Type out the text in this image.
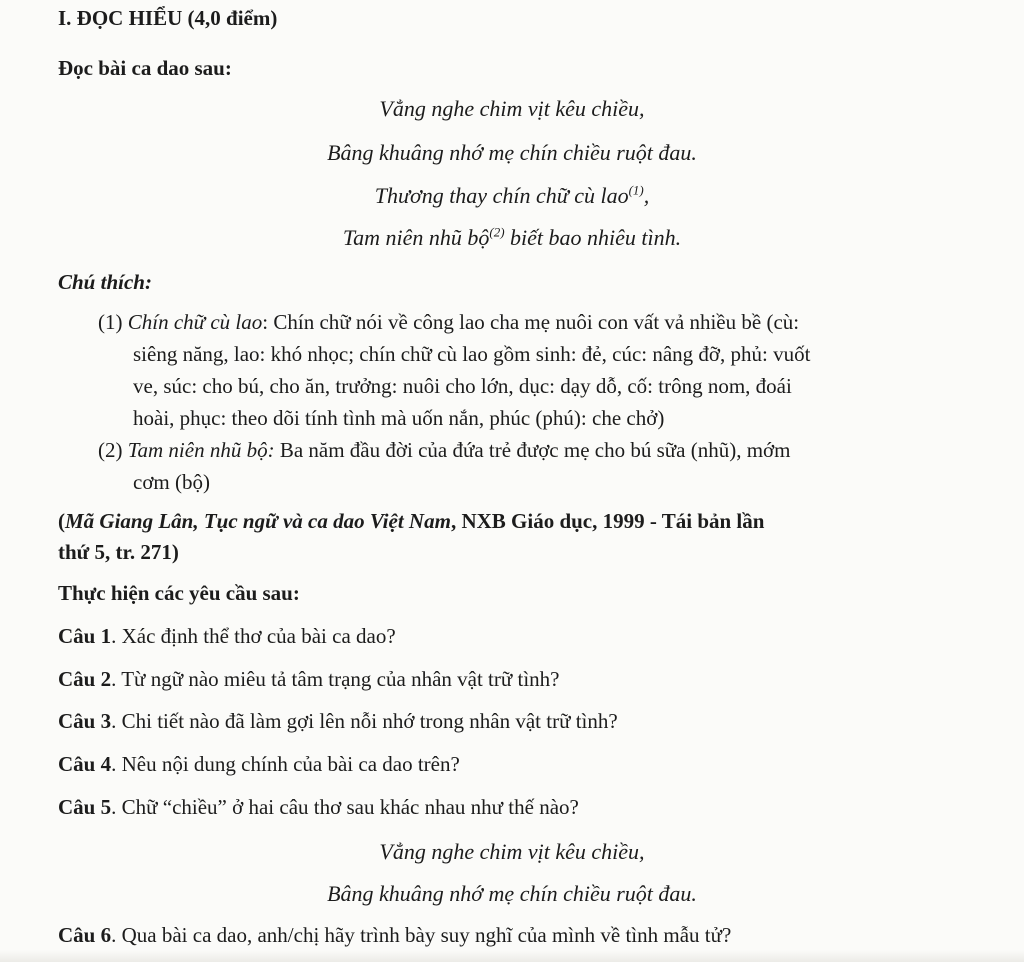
I. ĐỌC HIỂU (4,0 điểm)
Đọc bài ca dao sau:
Vẳng nghe chim vịt kêu chiều,
Bâng khuâng nhớ mẹ chín chiều ruột đau.
Thương thay chín chữ cù lao$^{(1)}$,
Tam niên nhũ bộ$^{(2)}$ biết bao nhiêu tình.
Chú thích:
(1) Chín chữ cù lao: Chín chữ nói về công lao cha mẹ nuôi con vất vả nhiều bề (cù:
siêng năng, lao: khó nhọc; chín chữ cù lao gồm sinh: đẻ, cúc: nâng đỡ, phủ: vuốt
ve, súc: cho bú, cho ăn, trưởng: nuôi cho lớn, dục: dạy dỗ, cố: trông nom, đoái
hoài, phục: theo dõi tính tình mà uốn nắn, phúc (phú): che chở)
(2) Tam niên nhũ bộ: Ba năm đầu đời của đứa trẻ được mẹ cho bú sữa (nhũ), mớm
cơm (bộ)
(Mã Giang Lân, Tục ngữ và ca dao Việt Nam, NXB Giáo dục, 1999 - Tái bản lần
thứ 5, tr. 271)
Thực hiện các yêu cầu sau:
Câu 1. Xác định thể thơ của bài ca dao?
Câu 2. Từ ngữ nào miêu tả tâm trạng của nhân vật trữ tình?
Câu 3. Chi tiết nào đã làm gợi lên nỗi nhớ trong nhân vật trữ tình?
Câu 4. Nêu nội dung chính của bài ca dao trên?
Câu 5. Chữ “chiều” ở hai câu thơ sau khác nhau như thế nào?
Vẳng nghe chim vịt kêu chiều,
Bâng khuâng nhớ mẹ chín chiều ruột đau.
Câu 6. Qua bài ca dao, anh/chị hãy trình bày suy nghĩ của mình về tình mẫu tử?
